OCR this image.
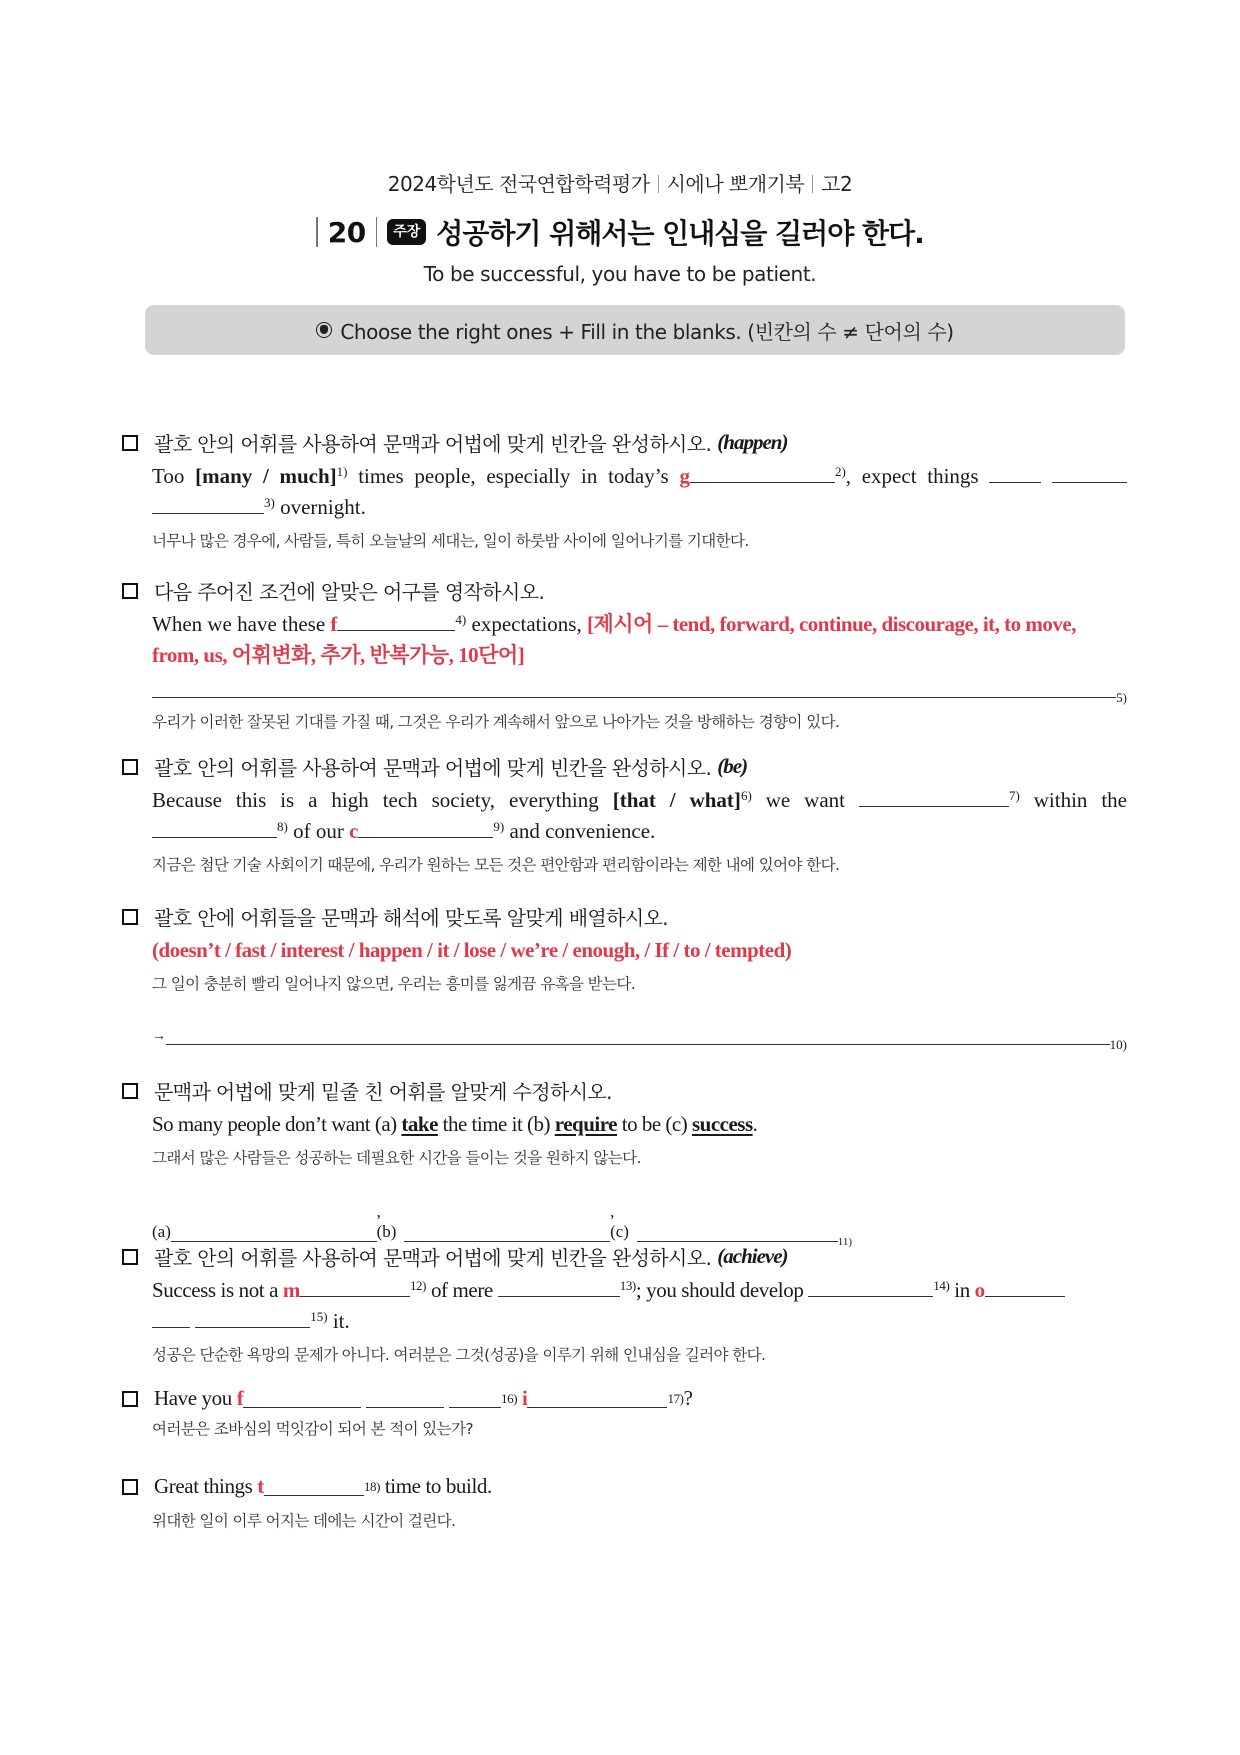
2024학년도 전국연합학력평가 시에나 뽀개기북 고2
20	주장 성공하기 위해서는 인내심을 길러야 한다.
To be successful, you have to be patient.
Choose the right ones + Fill in the blanks. (빈칸의 수 ≠ 단어의 수)
괄호 안의 어휘를 사용하여 문맥과 어법에 맞게 빈칸을 완성하시오. (happen)
Too [many / much]$^{1)}$ times people, especially in today’s g	$^{2)}$, expect things
$^{3)}$ overnight.
너무나 많은 경우에, 사람들, 특히 오늘날의 세대는, 일이 하룻밤 사이에 일어나기를 기대한다.
다음 주어진 조건에 알맞은 어구를 영작하시오.
When we have these f	$^{4)}$ expectations, [제시어 – tend, forward, continue, discourage, it, to move,
from, us, 어휘변화, 추가, 반복가능, 10단어]
5)
우리가 이러한 잘못된 기대를 가질 때, 그것은 우리가 계속해서 앞으로 나아가는 것을 방해하는 경향이 있다.
괄호 안의 어휘를 사용하여 문맥과 어법에 맞게 빈칸을 완성하시오. (be)
Because this is a high tech society, everything [that / what]$^{6)}$ we want	$^{7)}$ within the
$^{8)}$ of our c	$^{9)}$ and convenience.
지금은 첨단 기술 사회이기 때문에, 우리가 원하는 모든 것은 편안함과 편리함이라는 제한 내에 있어야 한다.
괄호 안에 어휘들을 문맥과 해석에 맞도록 알맞게 배열하시오.
(doesn’t / fast / interest / happen / it / lose / we’re / enough, / If / to / tempted)
그 일이 충분히 빨리 일어나지 않으면, 우리는 흥미를 잃게끔 유혹을 받는다.
→
10)
문맥과 어법에 맞게 밑줄 친 어휘를 알맞게 수정하시오.
So many people don’t want (a) take the time it (b) require to be (c) success.
그래서 많은 사람들은 성공하는 데필요한 시간을 들이는 것을 원하지 않는다.
(a)
, (b)
, (c)
11)
괄호 안의 어휘를 사용하여 문맥과 어법에 맞게 빈칸을 완성하시오. (achieve)
Success is not a m	$^{12)}$ of mere	$^{13)}$; you should develop	$^{14)}$ in o
$^{15)}$ it.
성공은 단순한 욕망의 문제가 아니다. 여러분은 그것(성공)을 이루기 위해 인내심을 길러야 한다.
Have you f

	16)
i	17) ?
여러분은 조바심의 먹잇감이 되어 본 적이 있는가?
Great things t	18) time to build.
위대한 일이 이루 어지는 데에는 시간이 걸린다.
